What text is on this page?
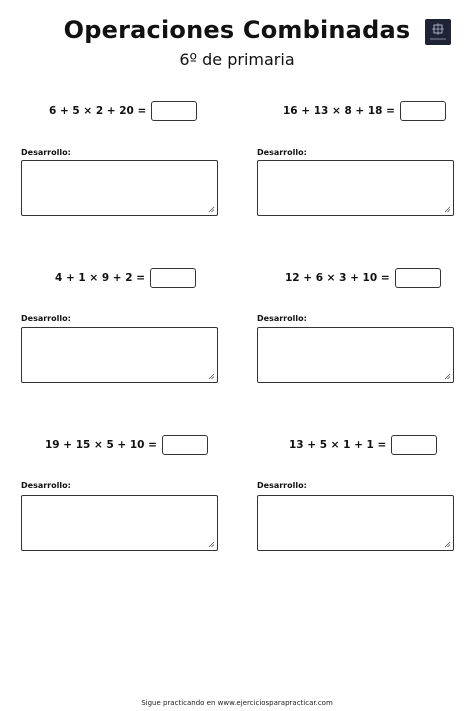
Operaciones Combinadas
6º de primaria
6 + 5 × 2 + 20 =
Desarrollo:
16 + 13 × 8 + 18 =
Desarrollo:
4 + 1 × 9 + 2 =
Desarrollo:
12 + 6 × 3 + 10 =
Desarrollo:
19 + 15 × 5 + 10 =
Desarrollo:
13 + 5 × 1 + 1 =
Desarrollo:
Sigue practicando en www.ejerciciosparapracticar.com
